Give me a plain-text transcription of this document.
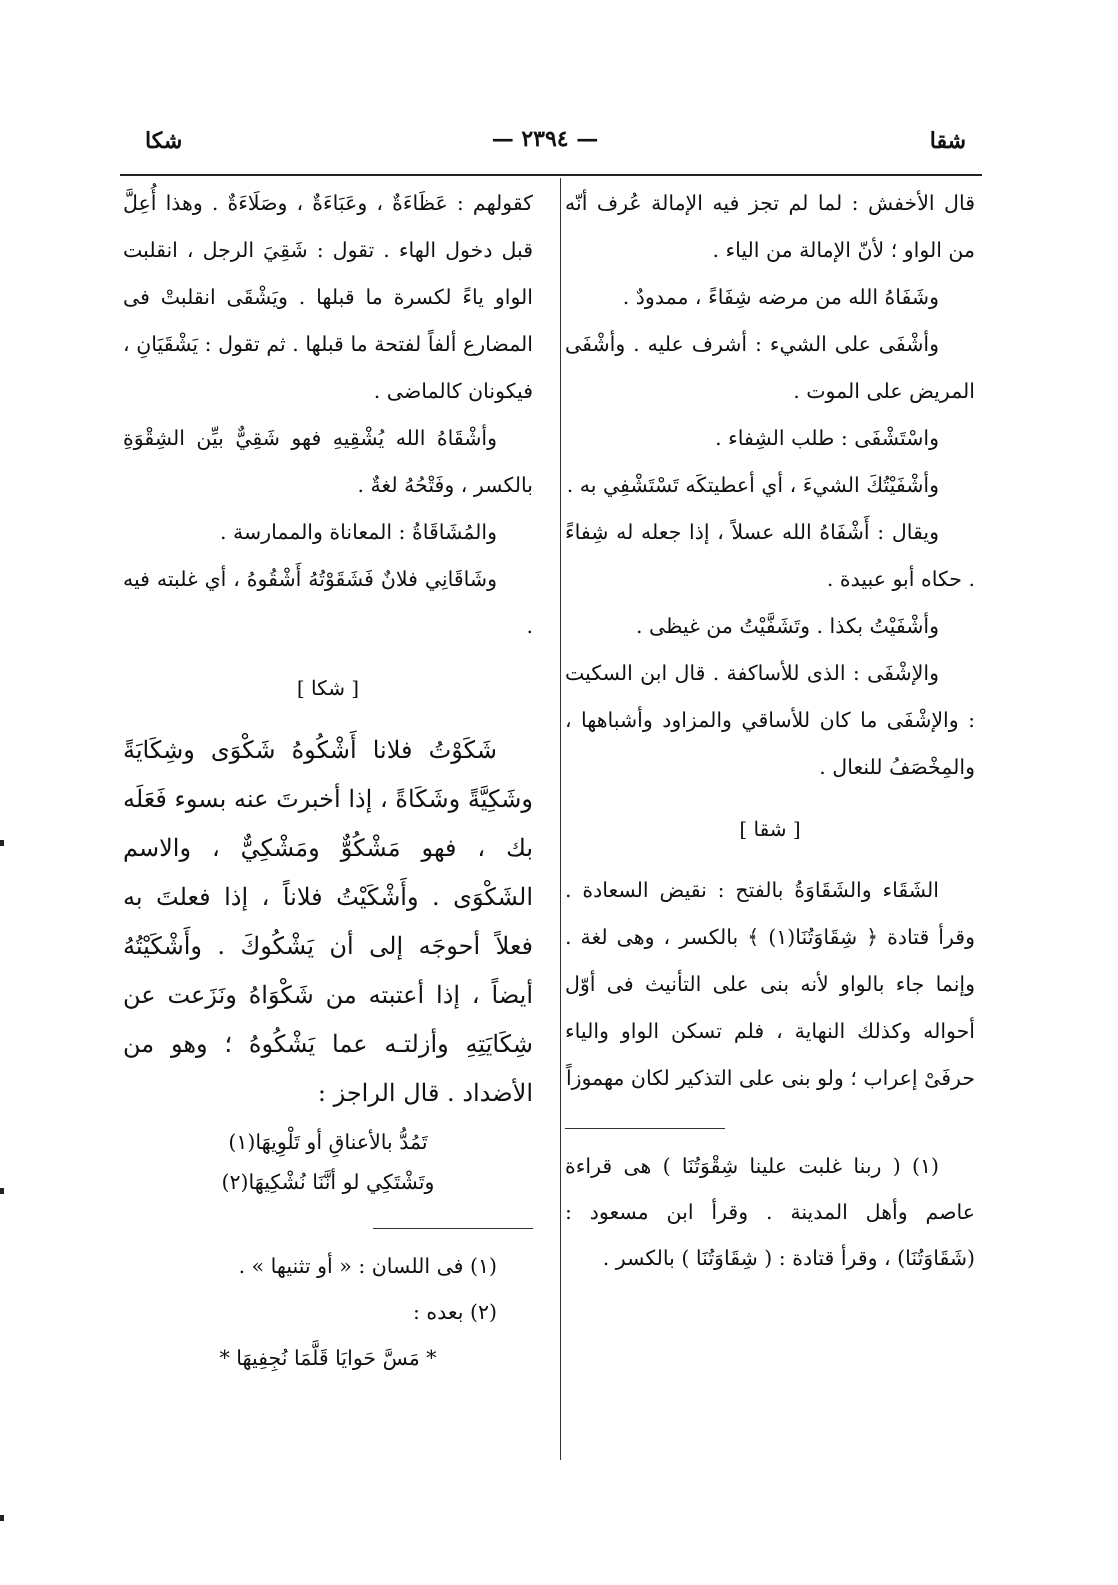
شقا
— ٢٣٩٤ —
شكا

قال الأخفش : لما لم تجز فيه الإمالة عُرف أنّه من الواو ؛ لأنّ الإمالة من الياء .

وشَفَاهُ الله من مرضه شِفَاءً ، ممدودٌ .

وأشْفَى على الشيء : أشرف عليه . وأشْفَى المريض على الموت .

واسْتَشْفَى : طلب الشِفاء .

وأشْفَيْتُكَ الشيءَ ، أي أعطيتكَه تَسْتَشْفِي به .

ويقال : أَشْفَاهُ الله عسلاً ، إذا جعله له شِفاءً . حكاه أبو عبيدة .

وأشْفَيْتُ بكذا . وتَشَفَّيْتُ من غيظى .

والإشْفَى : الذى للأساكفة . قال ابن السكيت : والإشْفَى ما كان للأساقي والمزاود وأشباهها ، والمِخْصَفُ للنعال .

[ شقا ]

الشَقَاء والشَقَاوَةُ بالفتح : نقيض السعادة . وقرأ قتادة ﴿ شِقَاوَتُنَا(١) ﴾ بالكسر ، وهى لغة . وإنما جاء بالواو لأنه بنى على التأنيث فى أوّل أحواله وكذلك النهاية ، فلم تسكن الواو والياء حرفَىْ إعراب ؛ ولو بنى على التذكير لكان مهموزاً

(١) ( ربنا غلبت علينا شِقْوَتُنَا ) هى قراءة عاصم وأهل المدينة . وقرأ ابن مسعود : (شَقَاوَتُنَا) ، وقرأ قتادة : ( شِقَاوَتُنَا ) بالكسر .

كقولهم : عَظَاءَةٌ ، وعَبَاءَةٌ ، وصَلَاءَةٌ . وهذا أُعِلَّ قبل دخول الهاء . تقول : شَقِيَ الرجل ، انقلبت الواو ياءً لكسرة ما قبلها . ويَشْقَى انقلبتْ فى المضارع ألفاً لفتحة ما قبلها . ثم تقول : يَشْقَيَانِ ، فيكونان كالماضى .

وأشْقَاهُ الله يُشْقِيهِ فهو شَقِيٌّ بيِّن الشِقْوَةِ بالكسر ، وفَتْحُهُ لغةٌ .

والمُشَاقَاةُ : المعاناة والممارسة .

وشَاقَانِي فلانٌ فَشَقَوْتُهُ أَشْقُوهُ ، أي غلبته فيه .

[ شكا ]

شَكَوْتُ فلانا أَشْكُوهُ شَكْوَى وشِكَايَةً وشَكِيَّةً وشَكَاةً ، إذا أخبرتَ عنه بسوء فَعَلَه بك ، فهو مَشْكُوٌّ ومَشْكِيٌّ ، والاسم الشَكْوَى . وأَشْكَيْتُ فلاناً ، إذا فعلتَ به فعلاً أحوجَه إلى أن يَشْكُوكَ . وأَشْكَيْتُهُ أيضاً ، إذا أعتبته من شَكْوَاهُ ونَزَعت عن شِكَايَتِهِ وأزلتـه عما يَشْكُوهُ ؛ وهو من الأضداد . قال الراجز :

تَمُدُّ بالأعناقِ أو تَلْوِيهَا(١)

وتَشْتَكِي لو أنَّنَا نُشْكِيهَا(٢)

(١) فى اللسان : « أو تثنيها » .

(٢) بعده :

* مَسَّ حَوايَا قَلَّمَا نُجِفِيهَا *
